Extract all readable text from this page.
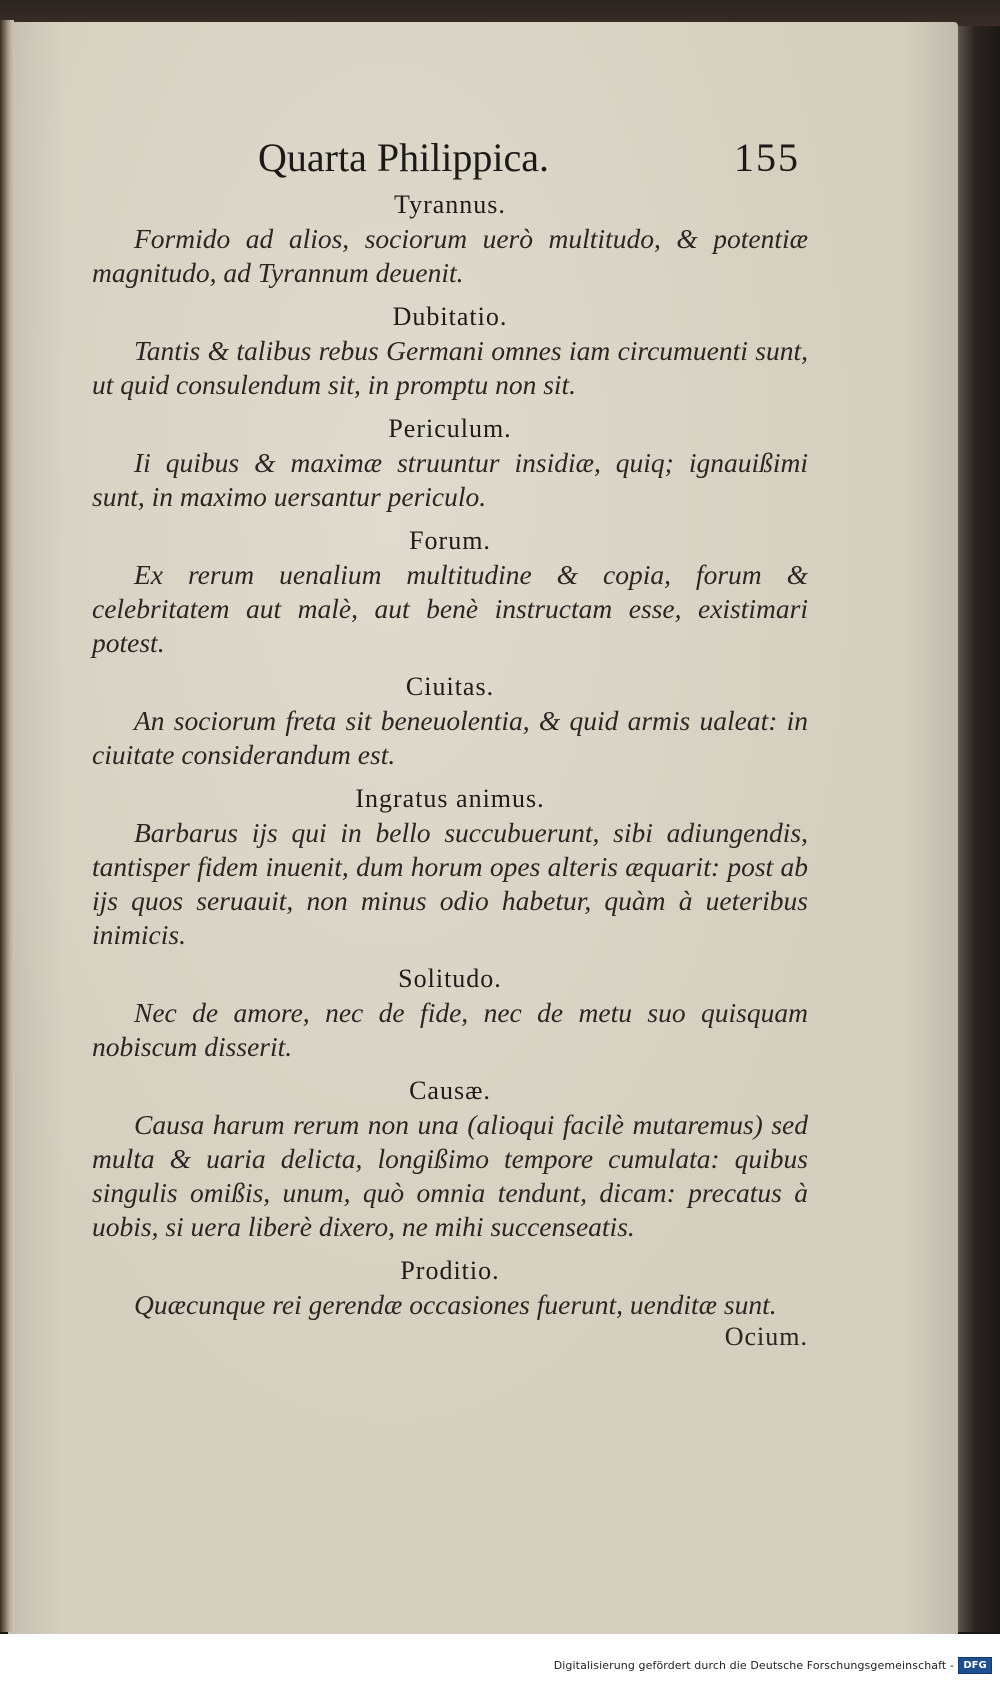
Quarta Philippica.	155
Tyrannus.

Formido ad alios, sociorum uerò multitudo, & potentiæ magnitudo, ad Tyrannum deuenit.

Dubitatio.

Tantis & talibus rebus Germani omnes iam circumuenti sunt, ut quid consulendum sit, in promptu non sit.

Periculum.

Ii quibus & maximæ struuntur insidiæ, quiq; ignauißimi sunt, in maximo uersantur periculo.

Forum.

Ex rerum uenalium multitudine & copia, forum & celebritatem aut malè, aut benè instructam esse, existimari potest.

Ciuitas.

An sociorum freta sit beneuolentia, & quid armis ualeat: in ciuitate considerandum est.

Ingratus animus.

Barbarus ijs qui in bello succubuerunt, sibi adiungendis, tantisper fidem inuenit, dum horum opes alteris æquarit: post ab ijs quos seruauit, non minus odio habetur, quàm à ueteribus inimicis.

Solitudo.

Nec de amore, nec de fide, nec de metu suo quisquam nobiscum disserit.

Causæ.

Causa harum rerum non una (alioqui facilè mutaremus) sed multa & uaria delicta, longißimo tempore cumulata: quibus singulis omißis, unum, quò omnia tendunt, dicam: precatus à uobis, si uera liberè dixero, ne mihi succenseatis.

Proditio.

Quæcunque rei gerendæ occasiones fuerunt, uenditæ sunt.

Ocium.
Digitalisierung gefördert durch die Deutsche Forschungsgemeinschaft - DFG
